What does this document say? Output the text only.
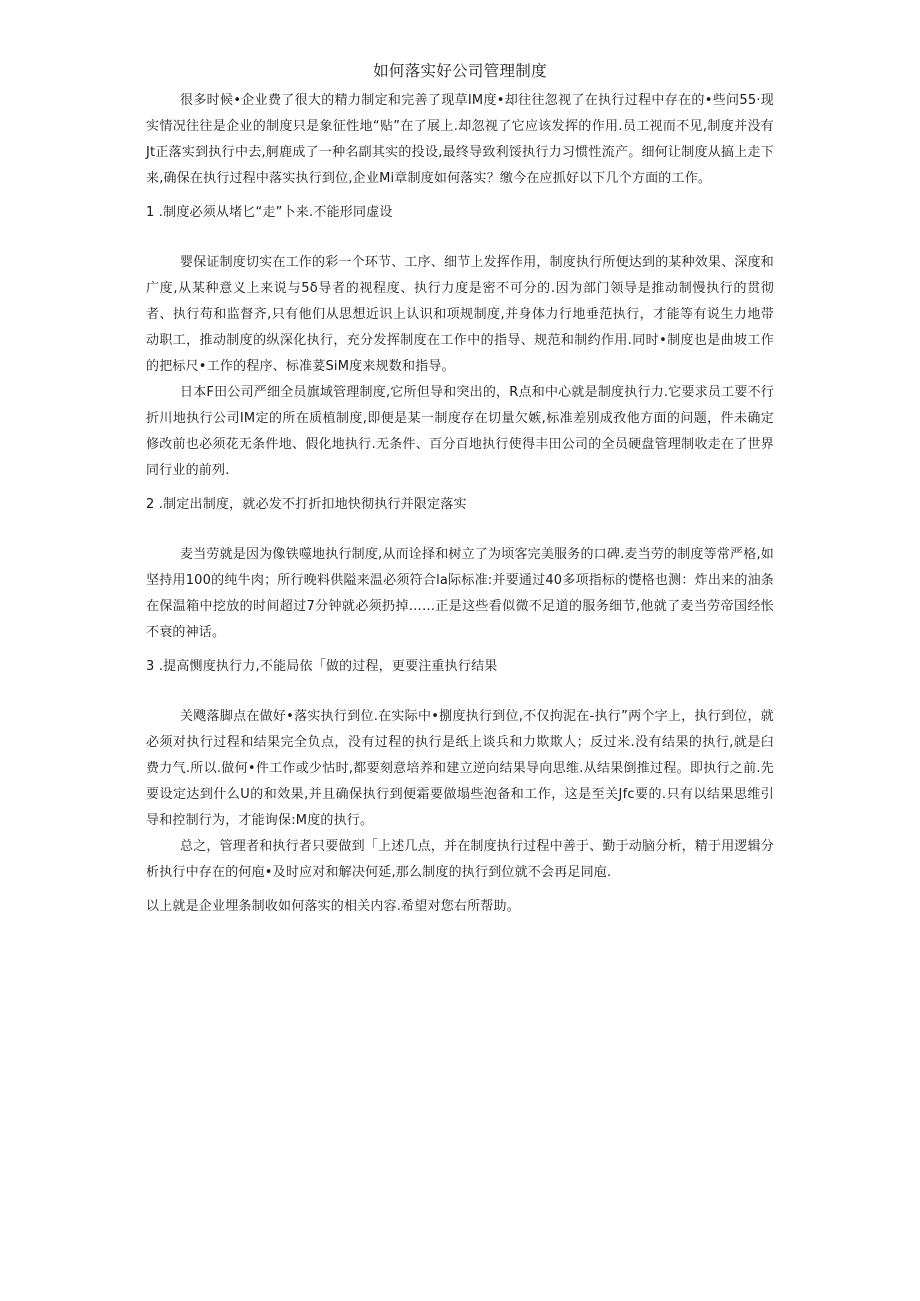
如何落实好公司管理制度

很多时候•企业费了很大的精力制定和完善了现草IM度•却往往忽视了在执行过程中存在的•些问55·现实情况往往是企业的制度只是象征性地“贴”在了展上.却忽视了它应该发挥的作用.员工视而不见,制度并没有Jt正落实到执行中去,舸鹿成了一种名副其实的投设,最终导致利馁执行力习惯性流产。细何让制度从搞上走下来,确保在执行过程中落实执行到位,企业Mi章制度如何落实？缴今在应抓好以下几个方面的工作。

1 .制度必须从堵匕“走”卜来.不能形同虚设

婴保证制度切实在工作的彩一个环节、工序、细节上发挥作用，制度执行所便达到的某种效果、深度和广度,从某种意义上来说与5δ导者的视程度、执行力度是密不可分的.因为部门领导是推动制慢执行的贯彻者、执行苟和监督齐,只有他们从思想近识上认识和项规制度,并身体力行地垂范执行，才能等有说生力地带动职工，推动制度的纵深化执行，充分发挥制度在工作中的指导、规范和制约作用.同时•制度也是曲坡工作的把标尺•工作的程序、标准荽SiM度来规数和指导。

日本F田公司严细全员旗域管理制度,它所但导和突出的，R点和中心就是制度执行力.它要求员工要不行折川地执行公司IM定的所在质植制度,即便是某一制度存在切量欠嫉,标准差别成孜他方面的问题，件未确定修改前也必须花无条件地、假化地执行.无条件、百分百地执行使得丰田公司的全员硬盘管理制收走在了世界同行业的前列.

2 .制定出制度，就必发不打折扣地快彻执行并限定落实

麦当劳就是因为像铁噬地执行制度,从而诠择和树立了为顷客完美服务的口碑.麦当劳的制度等常严格,如坚持用100的纯牛肉；所行晚料供隘来温必须符合la际标准:并要通过40多项指标的憷格也测：炸出来的油条在保温箱中挖放的时间超过7分钟就必须扔掉……正是这些看似微不足道的服务细节,他就了麦当劳帝国经怅不衰的神话。

3 .提高恻度执行力,不能局依「做的过程，更要注重执行结果

关飕落脚点在做好•落实执行到位.在实际中•捌度执行到位,不仅拘泥在-执行”两个字上，执行到位，就必须对执行过程和结果完全负点，没有过程的执行是纸上谈兵和力欺欺人；反过米.没有结果的执行,就是臼费力气.所以.做何•件工作或少怙时,都要刻意培养和建立逆向结果导向思维.从结果倒推过程。即执行之前.先要设定达到什么U的和效果,并且确保执行到便霜要做塌些泡备和工作，这是至关Jfc要的.只有以结果思维引导和控制行为，才能询保:M度的执行。

总之，管理者和执行者只要做到「上述几点，并在制度执行过程中善于、勤于动脑分析，精于用逻辑分析执行中存在的何庖•及时应对和解决何延,那么制度的执行到位就不会再足同庖.

以上就是企业埋条制收如何落实的相关内容.希望对您右所帮助。
